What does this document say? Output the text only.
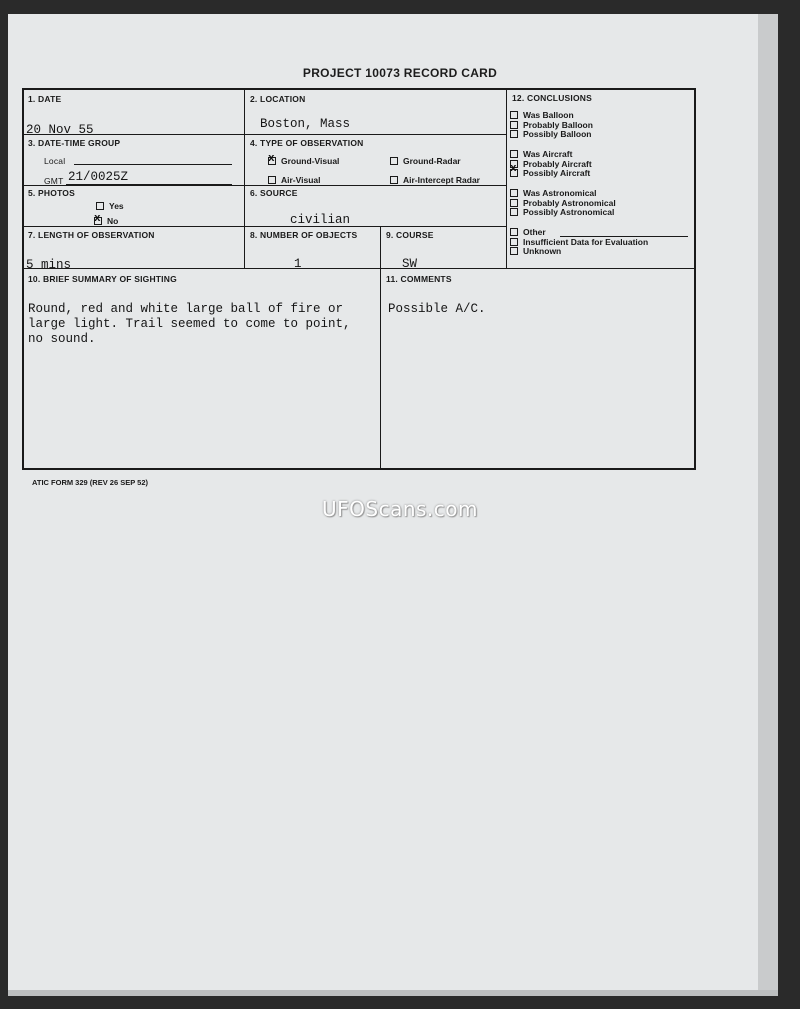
PROJECT 10073 RECORD CARD
1. DATE
20 Nov 55
2. LOCATION
Boston, Mass
3. DATE-TIME GROUP
Local
GMT 21/0025Z
4. TYPE OF OBSERVATION
xGround-Visual	Ground-Radar
Air-Visual	Air-Intercept Radar
5. PHOTOS
Yes
xNo
6. SOURCE
civilian
7. LENGTH OF OBSERVATION
5 mins
8. NUMBER OF OBJECTS
1
9. COURSE
SW
10. BRIEF SUMMARY OF SIGHTING
Round, red and white large ball of fire or
large light. Trail seemed to come to point,
no sound.
11. COMMENTS
Possible A/C.
12. CONCLUSIONS
Was Balloon
Probably Balloon
Possibly Balloon
Was Aircraft
Probably Aircraft
xPossibly Aircraft
Was Astronomical
Probably Astronomical
Possibly Astronomical
Other
Insufficient Data for Evaluation
Unknown
ATIC FORM 329 (REV 26 SEP 52)
UFOScans.com
